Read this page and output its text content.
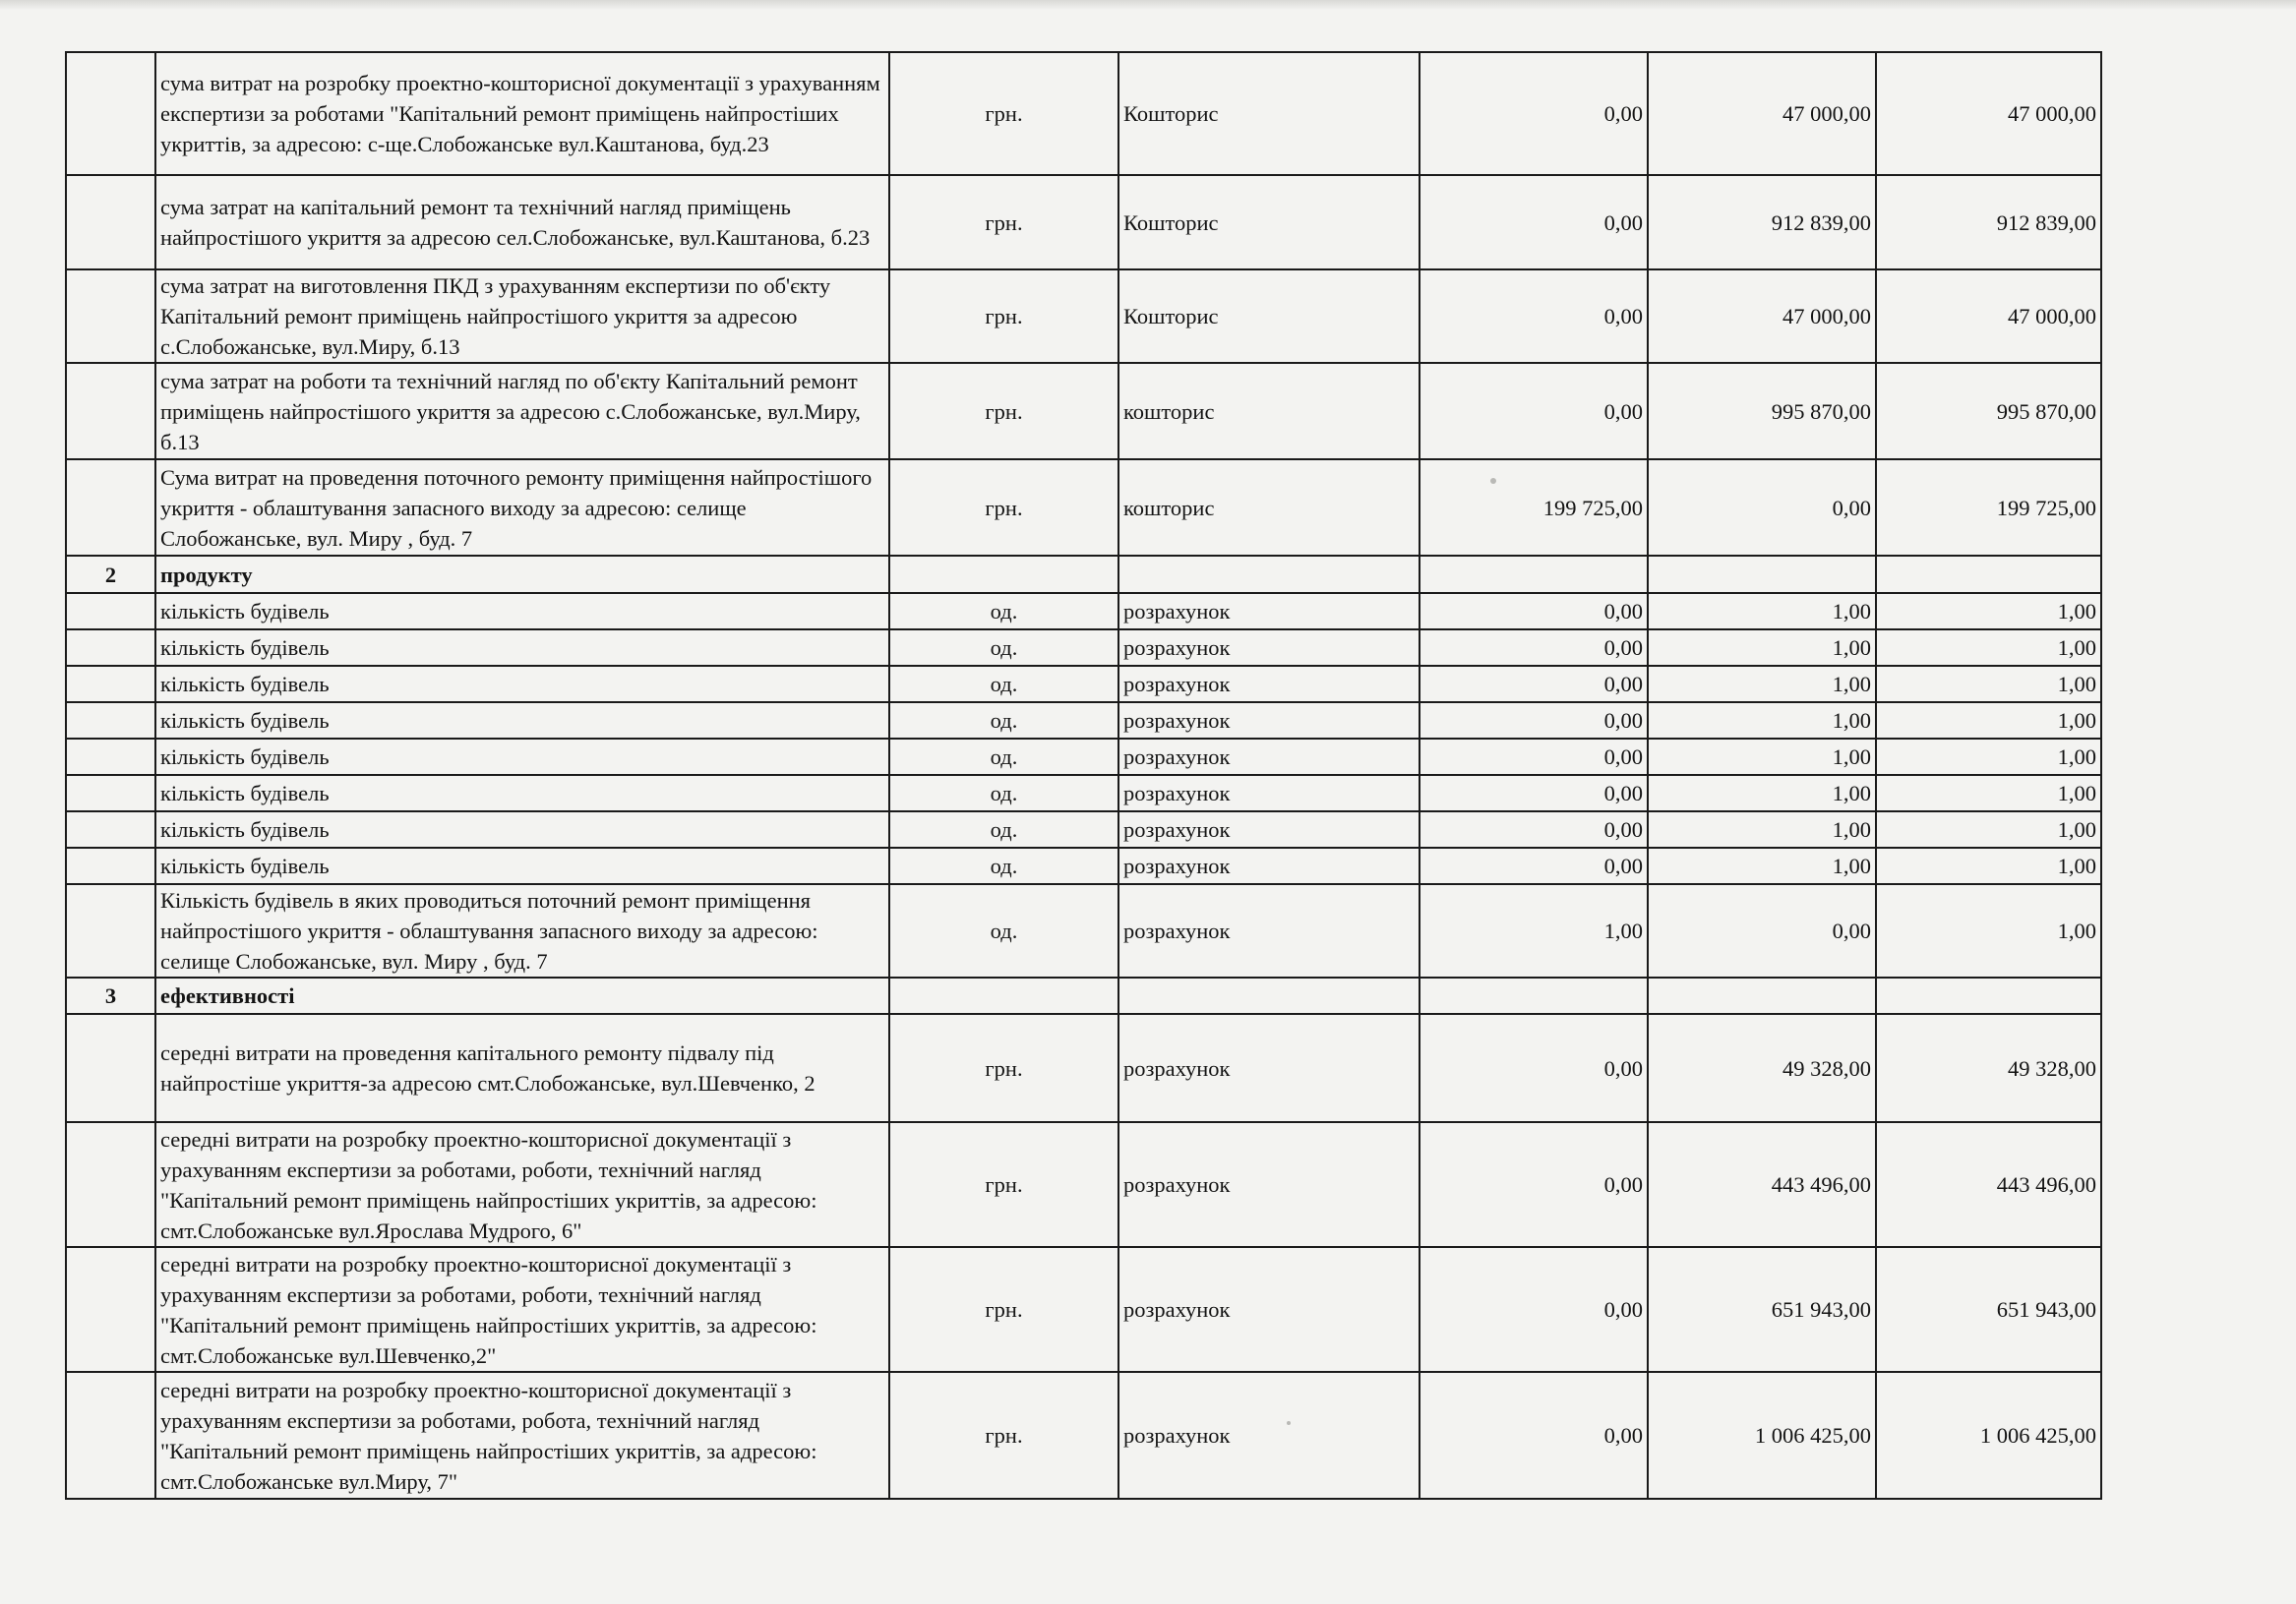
	сума витрат на розробку проектно-кошторисної документації з урахуванням експертизи за роботами "Капітальний ремонт приміщень найпростіших укриттів, за адресою: с-ще.Слобожанське вул.Каштанова, буд.23	грн.	Кошторис	0,00	47 000,00	47 000,00
	сума затрат на капітальний ремонт та технічний нагляд приміщень найпростішого укриття за адресою сел.Слобожанське, вул.Каштанова, б.23	грн.	Кошторис	0,00	912 839,00	912 839,00
	сума затрат на виготовлення ПКД з урахуванням експертизи по об'єкту Капітальний ремонт приміщень найпростішого укриття за адресою с.Слобожанське, вул.Миру, б.13	грн.	Кошторис	0,00	47 000,00	47 000,00
	сума затрат на роботи та технічний нагляд по об'єкту Капітальний ремонт приміщень найпростішого укриття за адресою с.Слобожанське, вул.Миру, б.13	грн.	кошторис	0,00	995 870,00	995 870,00
	Сума витрат на проведення поточного ремонту приміщення найпростішого укриття - облаштування запасного виходу за адресою: селище Слобожанське, вул. Миру , буд. 7	грн.	кошторис	199 725,00	0,00	199 725,00
2	продукту					
	кількість будівель	од.	розрахунок	0,00	1,00	1,00
	кількість будівель	од.	розрахунок	0,00	1,00	1,00
	кількість будівель	од.	розрахунок	0,00	1,00	1,00
	кількість будівель	од.	розрахунок	0,00	1,00	1,00
	кількість будівель	од.	розрахунок	0,00	1,00	1,00
	кількість будівель	од.	розрахунок	0,00	1,00	1,00
	кількість будівель	од.	розрахунок	0,00	1,00	1,00
	кількість будівель	од.	розрахунок	0,00	1,00	1,00
	Кількість будівель в яких проводиться поточний ремонт приміщення найпростішого укриття - облаштування запасного виходу за адресою: селище Слобожанське, вул. Миру , буд. 7	од.	розрахунок	1,00	0,00	1,00
3	ефективності					
	середні витрати на проведення капітального ремонту підвалу під найпростіше укриття-за адресою смт.Слобожанське, вул.Шевченко, 2	грн.	розрахунок	0,00	49 328,00	49 328,00
	середні витрати на розробку проектно-кошторисної документації з урахуванням експертизи за роботами, роботи, технічний нагляд "Капітальний ремонт приміщень найпростіших укриттів, за адресою: смт.Слобожанське вул.Ярослава Мудрого, 6"	грн.	розрахунок	0,00	443 496,00	443 496,00
	середні витрати на розробку проектно-кошторисної документації з урахуванням експертизи за роботами, роботи, технічний нагляд "Капітальний ремонт приміщень найпростіших укриттів, за адресою: смт.Слобожанське вул.Шевченко,2"	грн.	розрахунок	0,00	651 943,00	651 943,00
	середні витрати на розробку проектно-кошторисної документації з урахуванням експертизи за роботами, робота, технічний нагляд "Капітальний ремонт приміщень найпростіших укриттів, за адресою: смт.Слобожанське вул.Миру, 7"	грн.	розрахунок	0,00	1 006 425,00	1 006 425,00
